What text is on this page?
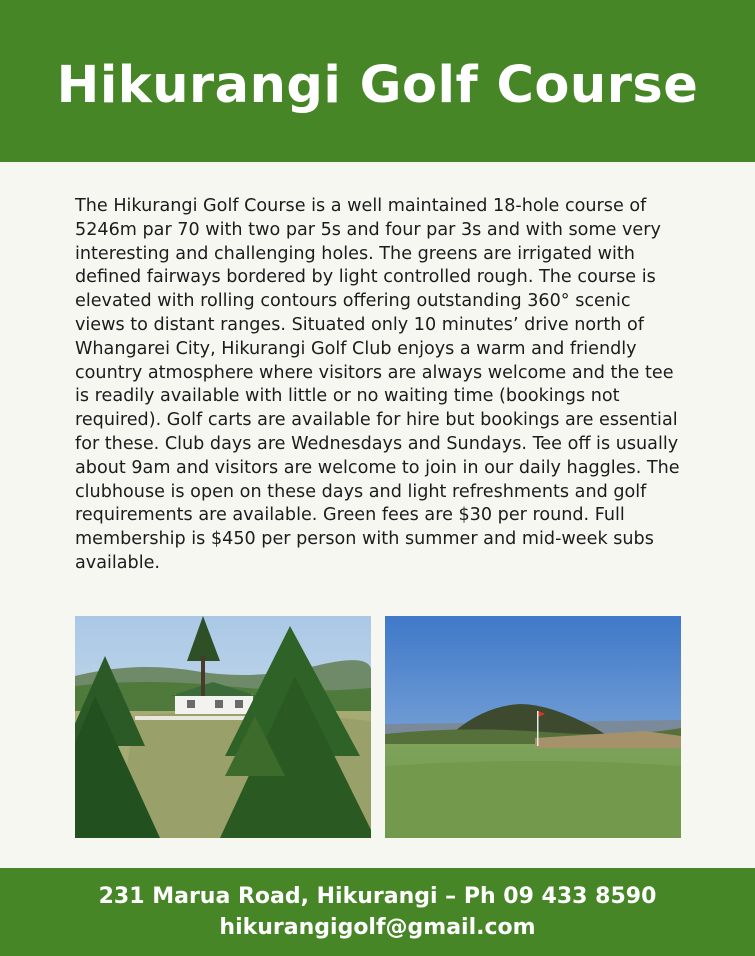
Hikurangi Golf Course

The Hikurangi Golf Course is a well maintained 18-hole course of 5246m par 70 with two par 5s and four par 3s and with some very interesting and challenging holes. The greens are irrigated with defined fairways bordered by light controlled rough. The course is elevated with rolling contours offering outstanding 360° scenic views to distant ranges. Situated only 10 minutes’ drive north of Whangarei City, Hikurangi Golf Club enjoys a warm and friendly country atmosphere where visitors are always welcome and the tee is readily available with little or no waiting time (bookings not required). Golf carts are available for hire but bookings are essential for these. Club days are Wednesdays and Sundays. Tee off is usually about 9am and visitors are welcome to join in our daily haggles. The clubhouse is open on these days and light refreshments and golf requirements are available. Green fees are $30 per round. Full membership is $450 per person with summer and mid-week subs available.

231 Marua Road, Hikurangi – Ph 09 433 8590
hikurangigolf@gmail.com
